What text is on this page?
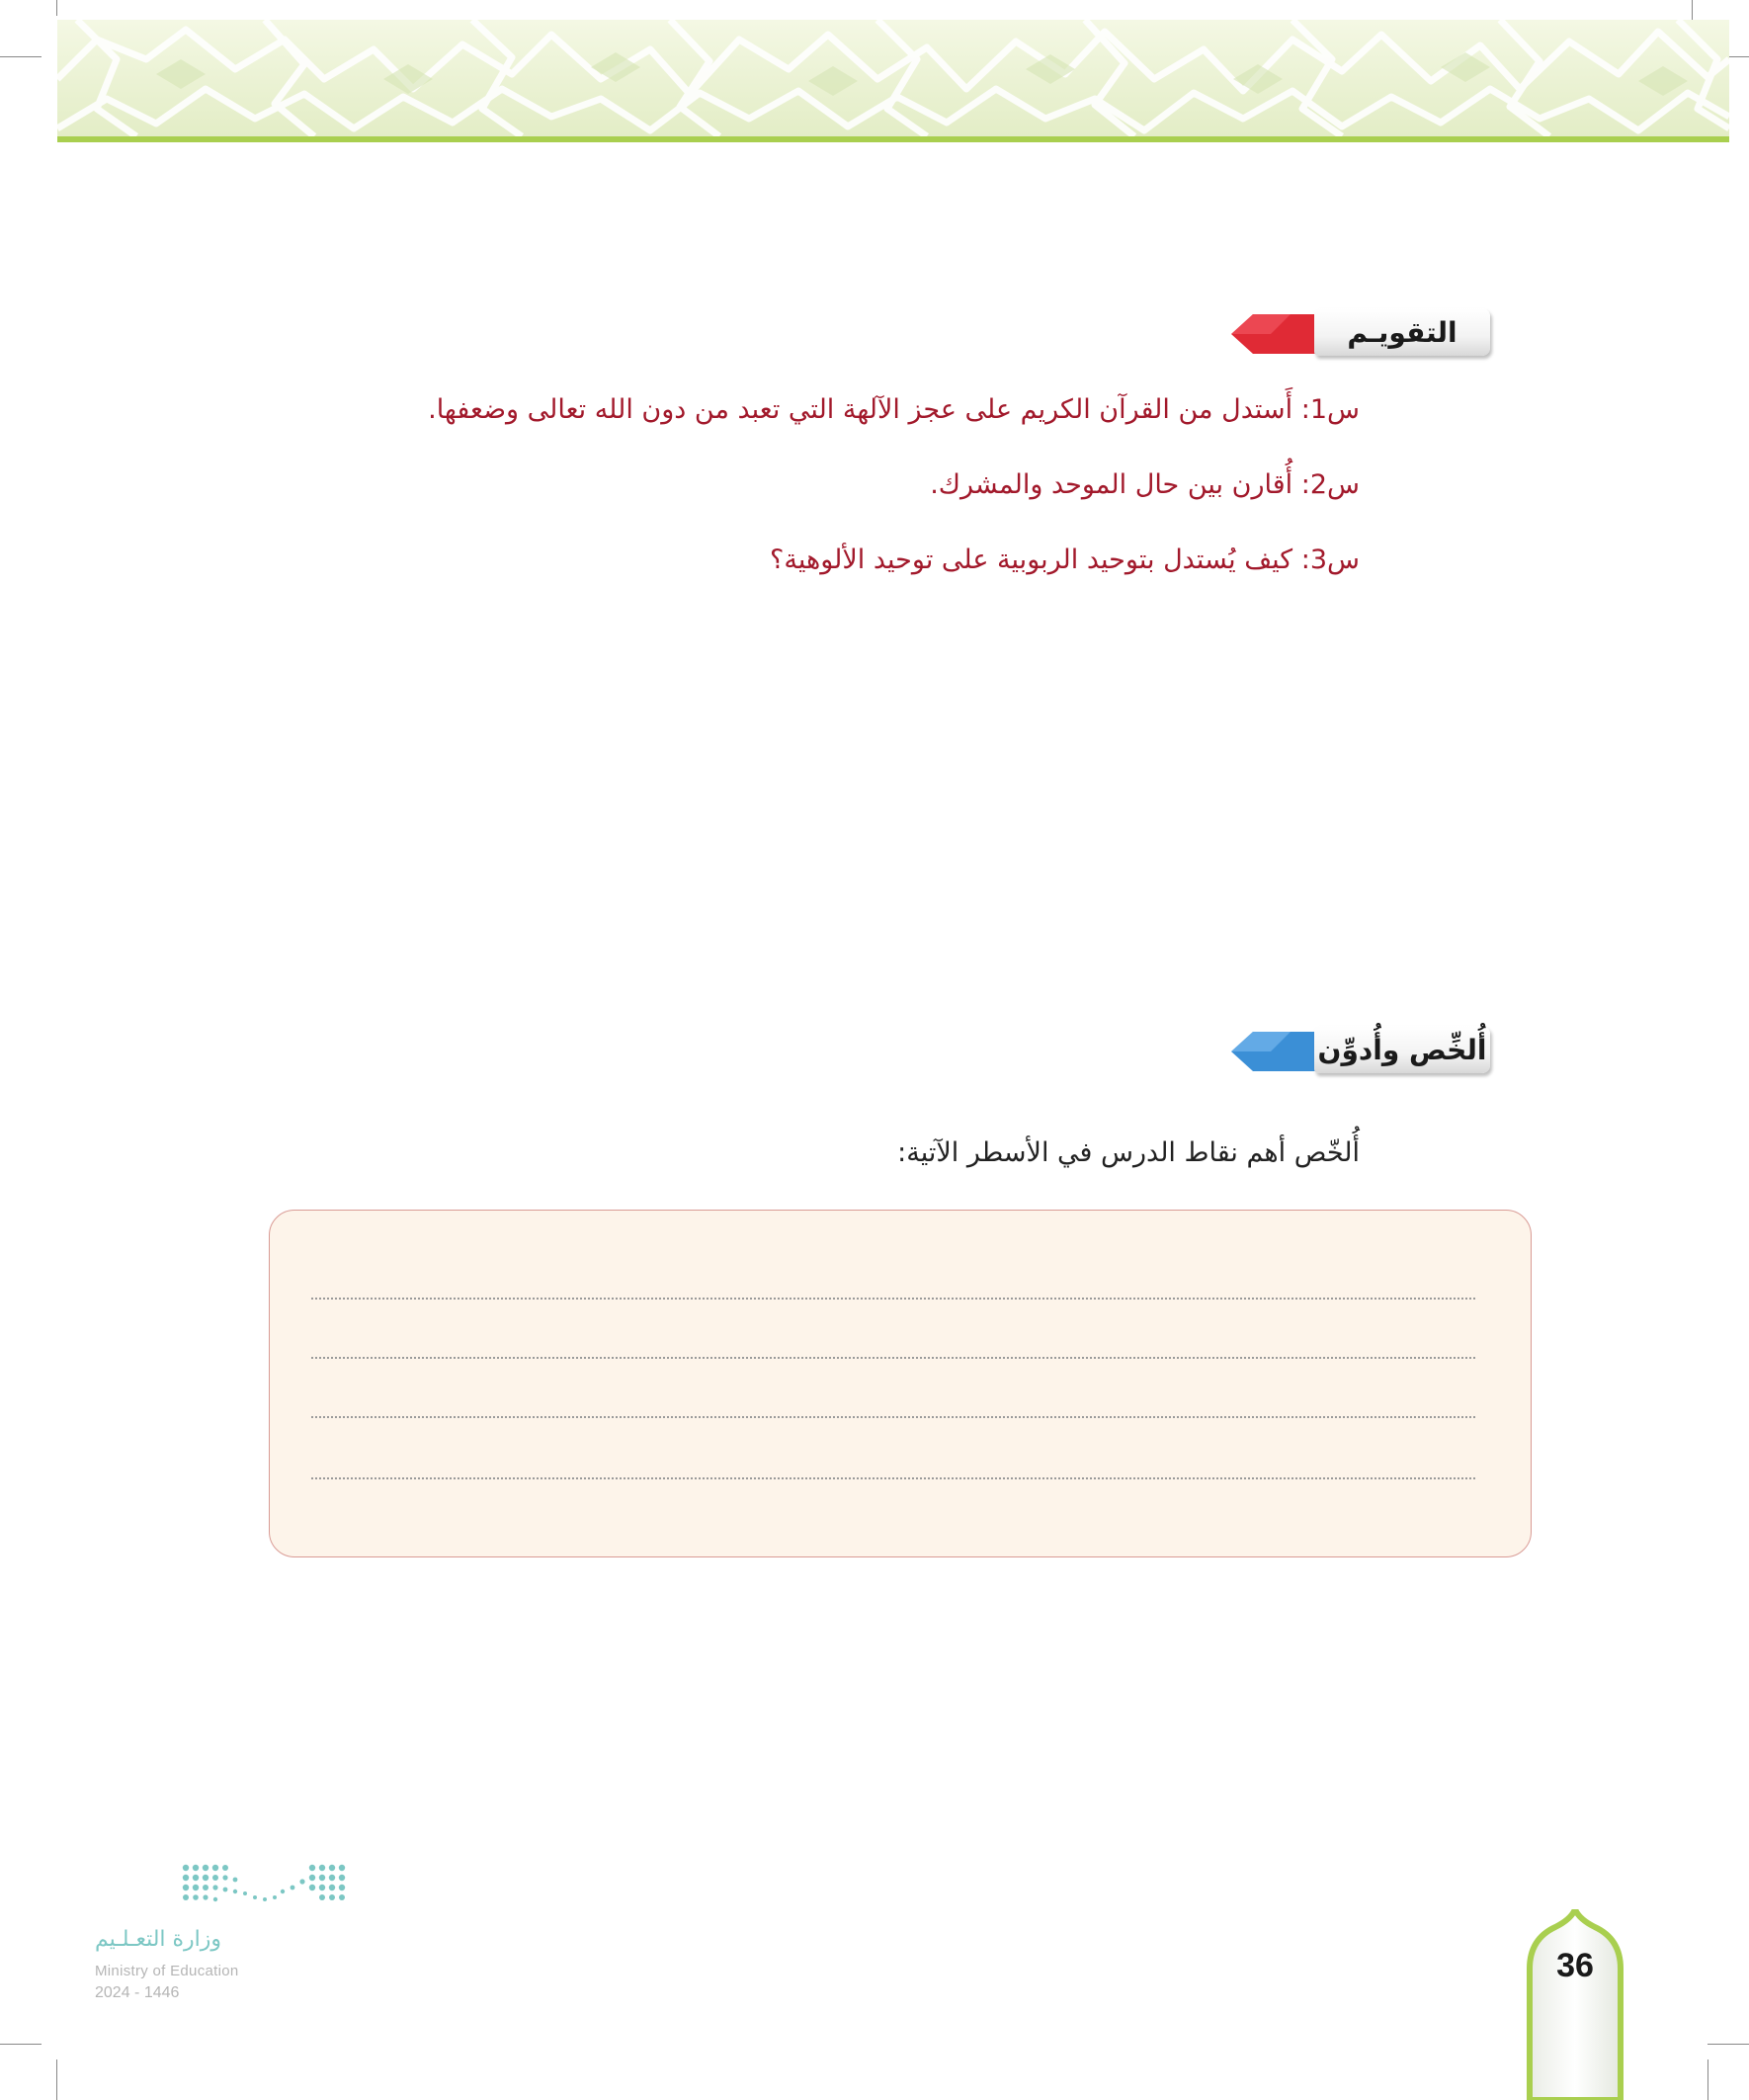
التقويـم
س1: أَستدل من القرآن الكريم على عجز الآلهة التي تعبد من دون الله تعالى وضعفها.
س2: أُقارن بين حال الموحد والمشرك.
س3: كيف يُستدل بتوحيد الربوبية على توحيد الألوهية؟
أُلخِّص وأُدوِّن
أُلخّص أهم نقاط الدرس في الأسطر الآتية:
وزارة التعـلـيم
Ministry of Education
2024 - 1446
36
